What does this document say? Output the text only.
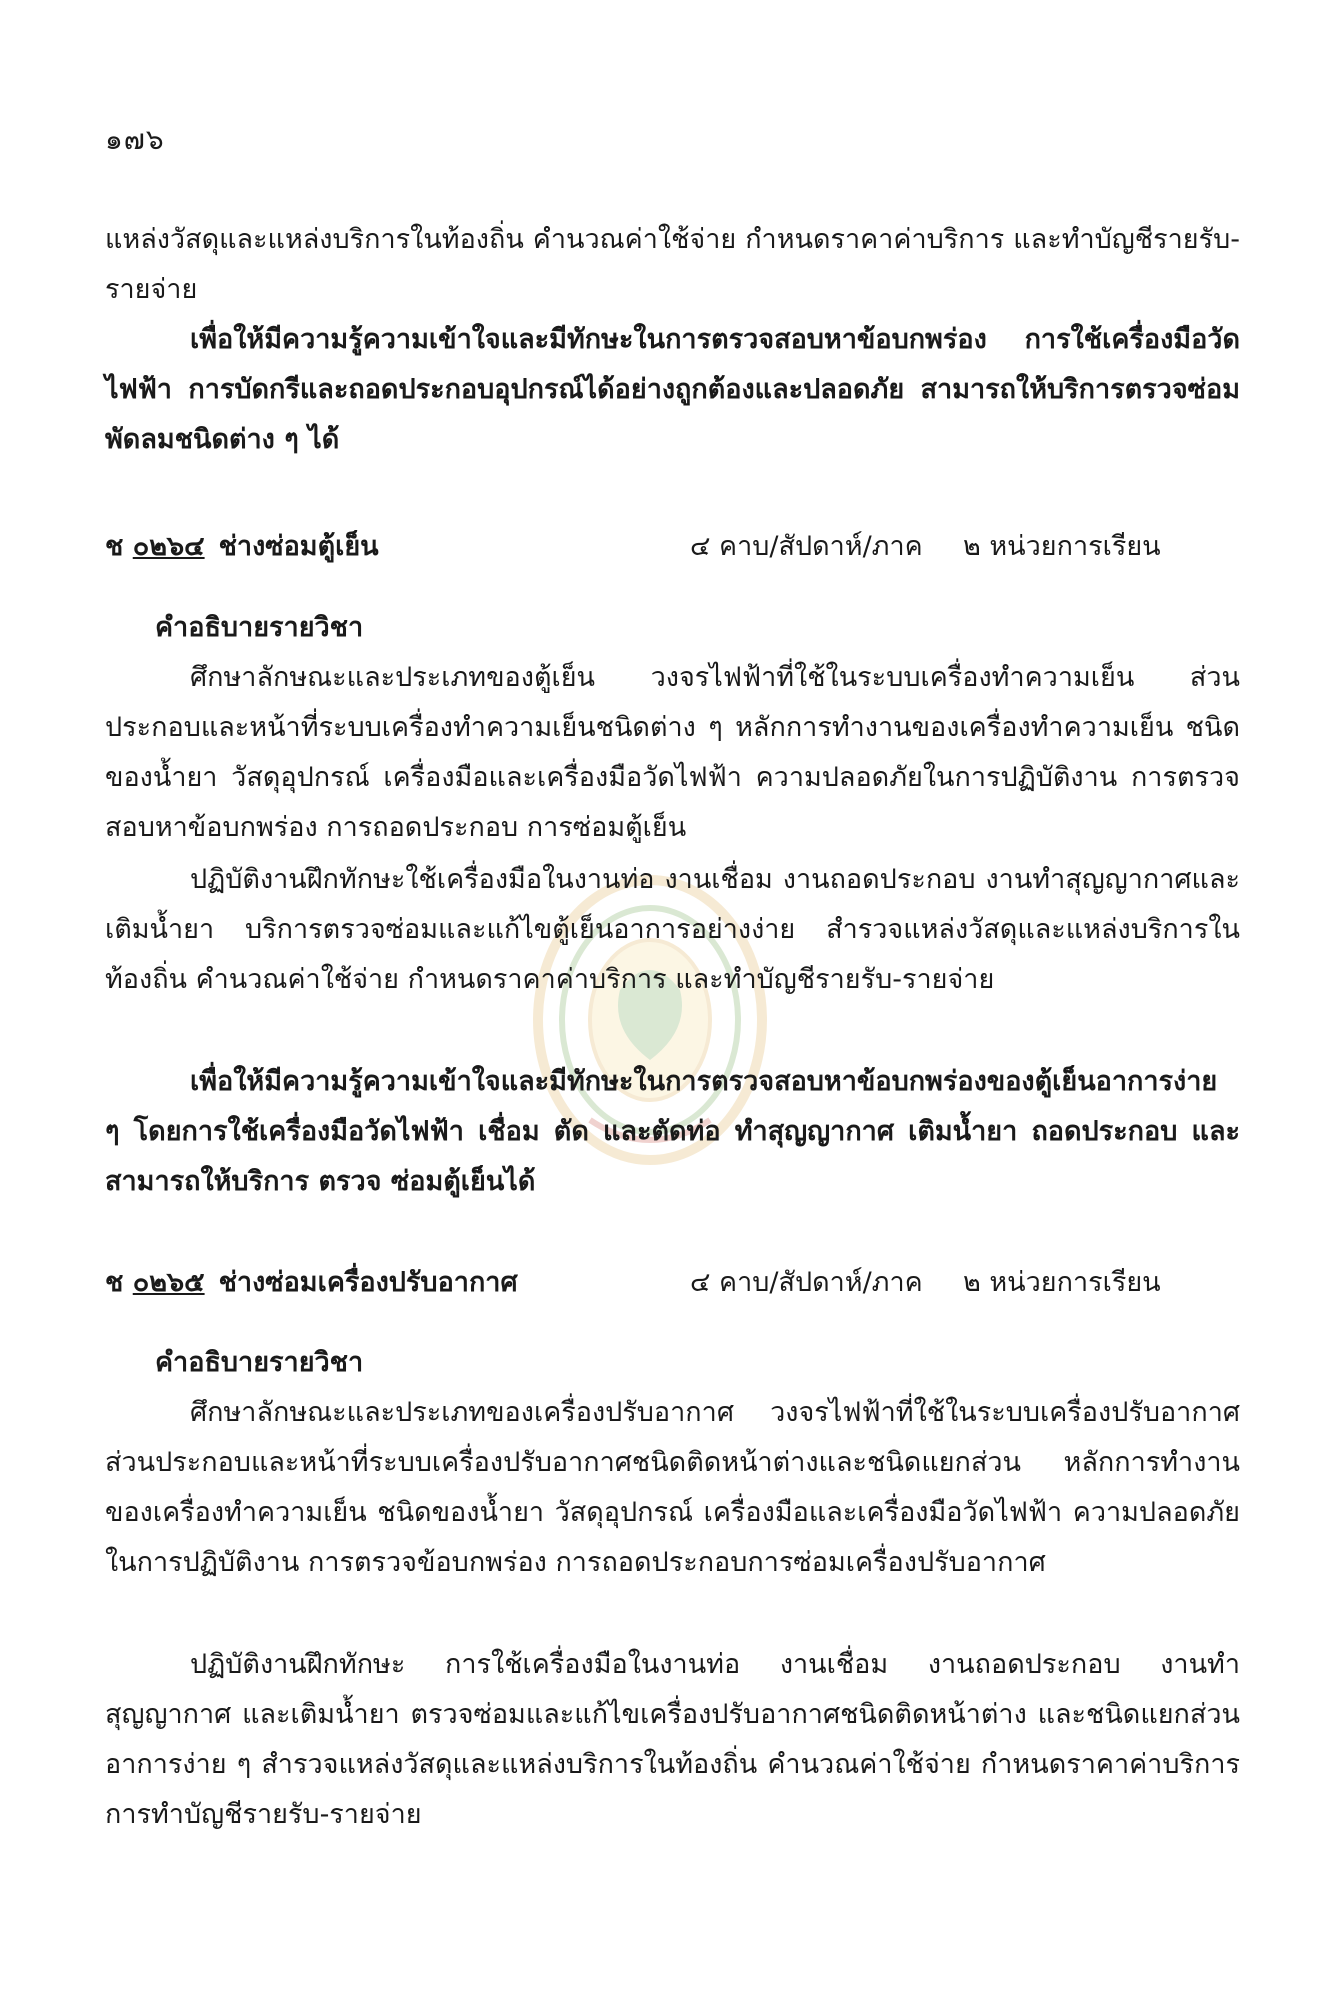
๑๗๖

แหล่งวัสดุและแหล่งบริการในท้องถิ่น คำนวณค่าใช้จ่าย กำหนดราคาค่าบริการ และทำบัญชีรายรับ-รายจ่าย

เพื่อให้มีความรู้ความเข้าใจและมีทักษะในการตรวจสอบหาข้อบกพร่อง การใช้เครื่องมือวัดไฟฟ้า การบัดกรีและถอดประกอบอุปกรณ์ได้อย่างถูกต้องและปลอดภัย สามารถให้บริการตรวจซ่อมพัดลมชนิดต่าง ๆ ได้

ช ๐๒๖๔ ช่างซ่อมตู้เย็น	๔ คาบ/สัปดาห์/ภาค ๒ หน่วยการเรียน
คำอธิบายรายวิชา

ศึกษาลักษณะและประเภทของตู้เย็น วงจรไฟฟ้าที่ใช้ในระบบเครื่องทำความเย็น ส่วนประกอบและหน้าที่ระบบเครื่องทำความเย็นชนิดต่าง ๆ หลักการทำงานของเครื่องทำความเย็น ชนิดของน้ำยา วัสดุอุปกรณ์ เครื่องมือและเครื่องมือวัดไฟฟ้า ความปลอดภัยในการปฏิบัติงาน การตรวจสอบหาข้อบกพร่อง การถอดประกอบ การซ่อมตู้เย็น

ปฏิบัติงานฝึกทักษะใช้เครื่องมือในงานท่อ งานเชื่อม งานถอดประกอบ งานทำสุญญากาศและเติมน้ำยา บริการตรวจซ่อมและแก้ไขตู้เย็นอาการอย่างง่าย สำรวจแหล่งวัสดุและแหล่งบริการในท้องถิ่น คำนวณค่าใช้จ่าย กำหนดราคาค่าบริการ และทำบัญชีรายรับ-รายจ่าย

เพื่อให้มีความรู้ความเข้าใจและมีทักษะในการตรวจสอบหาข้อบกพร่องของตู้เย็นอาการง่าย ๆ โดยการใช้เครื่องมือวัดไฟฟ้า เชื่อม ตัด และตัดท่อ ทำสุญญากาศ เติมน้ำยา ถอดประกอบ และสามารถให้บริการ ตรวจ ซ่อมตู้เย็นได้

ช ๐๒๖๕ ช่างซ่อมเครื่องปรับอากาศ	๔ คาบ/สัปดาห์/ภาค ๒ หน่วยการเรียน
คำอธิบายรายวิชา

ศึกษาลักษณะและประเภทของเครื่องปรับอากาศ วงจรไฟฟ้าที่ใช้ในระบบเครื่องปรับอากาศ ส่วนประกอบและหน้าที่ระบบเครื่องปรับอากาศชนิดติดหน้าต่างและชนิดแยกส่วน หลักการทำงานของเครื่องทำความเย็น ชนิดของน้ำยา วัสดุอุปกรณ์ เครื่องมือและเครื่องมือวัดไฟฟ้า ความปลอดภัยในการปฏิบัติงาน การตรวจข้อบกพร่อง การถอดประกอบการซ่อมเครื่องปรับอากาศ

ปฏิบัติงานฝึกทักษะ การใช้เครื่องมือในงานท่อ งานเชื่อม งานถอดประกอบ งานทำสุญญากาศ และเติมน้ำยา ตรวจซ่อมและแก้ไขเครื่องปรับอากาศชนิดติดหน้าต่าง และชนิดแยกส่วนอาการง่าย ๆ สำรวจแหล่งวัสดุและแหล่งบริการในท้องถิ่น คำนวณค่าใช้จ่าย กำหนดราคาค่าบริการ การทำบัญชีรายรับ-รายจ่าย
